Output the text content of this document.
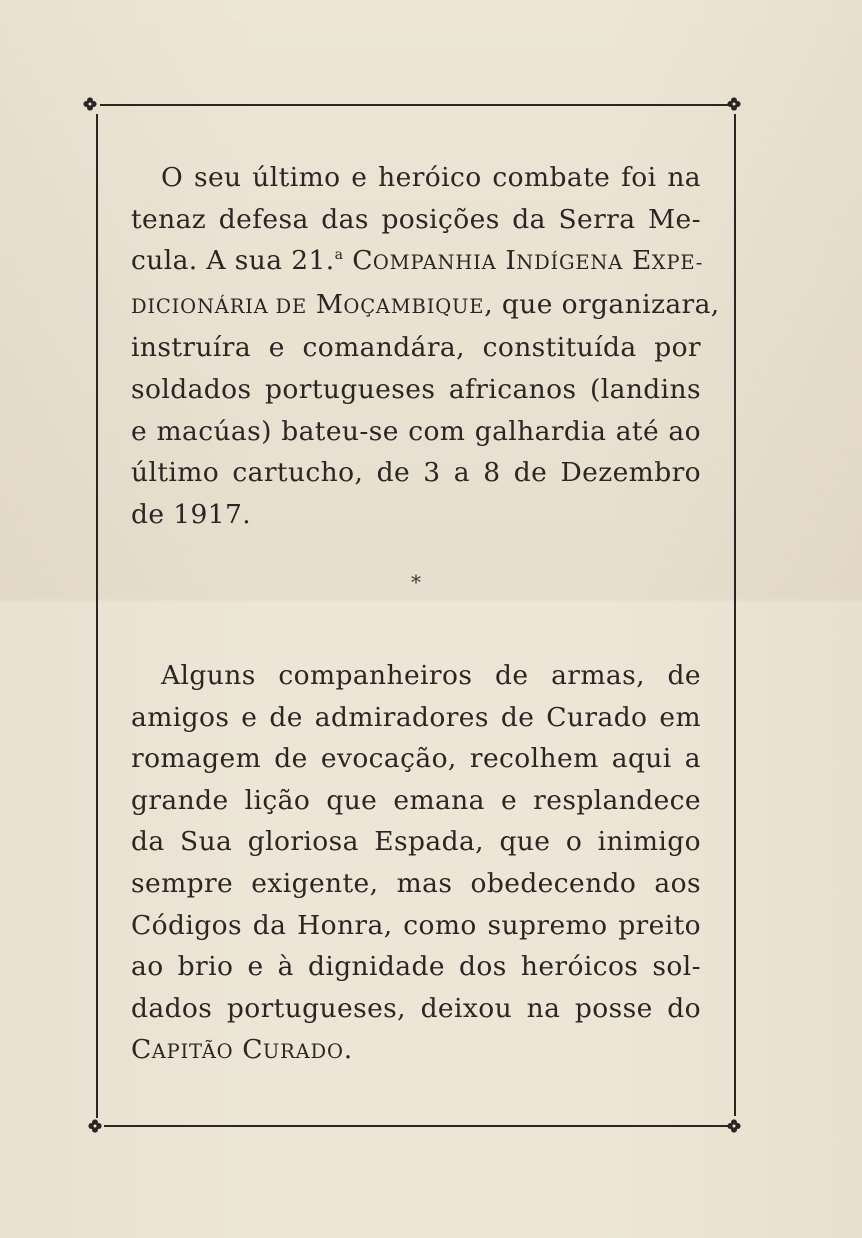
O seu último e heróico combate foi na
tenaz defesa das posições da Serra Me-
cula. A sua 21.$^a$ COMPANHIA INDÍGENA EXPE-
DICIONÁRIA DE MOÇAMBIQUE, que organizara,
instruíra e comandára, constituída por
soldados portugueses africanos (landins
e macúas) bateu-se com galhardia até ao
último cartucho, de 3 a 8 de Dezembro
de 1917.
*
Alguns companheiros de armas, de
amigos e de admiradores de Curado em
romagem de evocação, recolhem aqui a
grande lição que emana e resplandece
da Sua gloriosa Espada, que o inimigo
sempre exigente, mas obedecendo aos
Códigos da Honra, como supremo preito
ao brio e à dignidade dos heróicos sol-
dados portugueses, deixou na posse do
CAPITÃO CURADO.
